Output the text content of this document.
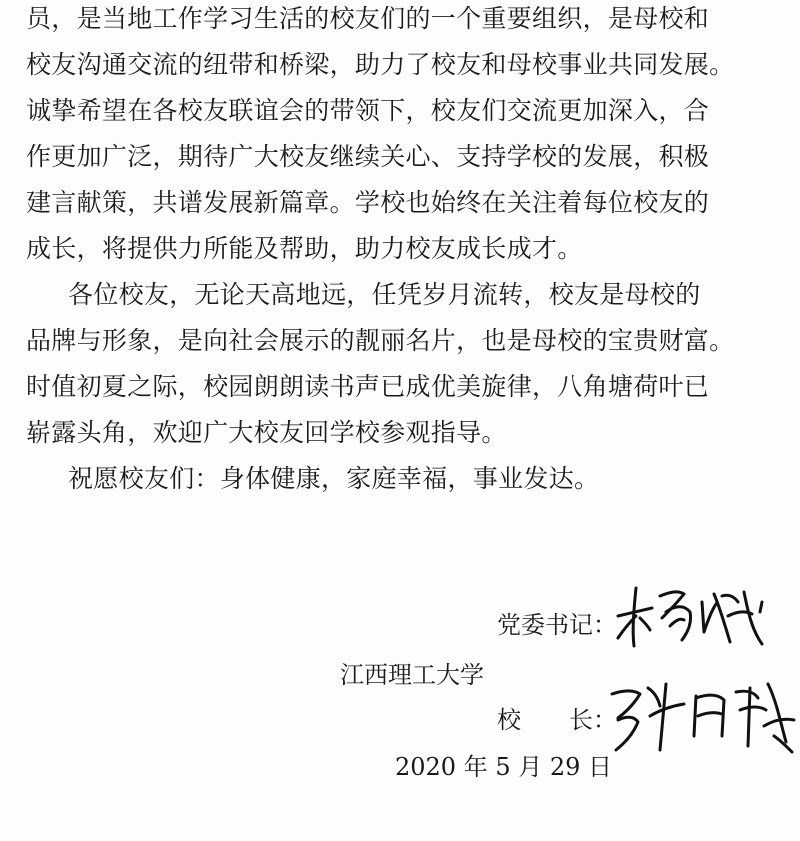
员，是当地工作学习生活的校友们的一个重要组织，是母校和
校友沟通交流的纽带和桥梁，助力了校友和母校事业共同发展。
诚挚希望在各校友联谊会的带领下，校友们交流更加深入，合
作更加广泛，期待广大校友继续关心、支持学校的发展，积极
建言献策，共谱发展新篇章。学校也始终在关注着每位校友的
成长，将提供力所能及帮助，助力校友成长成才。
各位校友，无论天高地远，任凭岁月流转，校友是母校的
品牌与形象，是向社会展示的靓丽名片，也是母校的宝贵财富。
时值初夏之际，校园朗朗读书声已成优美旋律，八角塘荷叶已
崭露头角，欢迎广大校友回学校参观指导。
祝愿校友们：身体健康，家庭幸福，事业发达。
党委书记：
江西理工大学
校　　长：
2020 年 5 月 29 日
